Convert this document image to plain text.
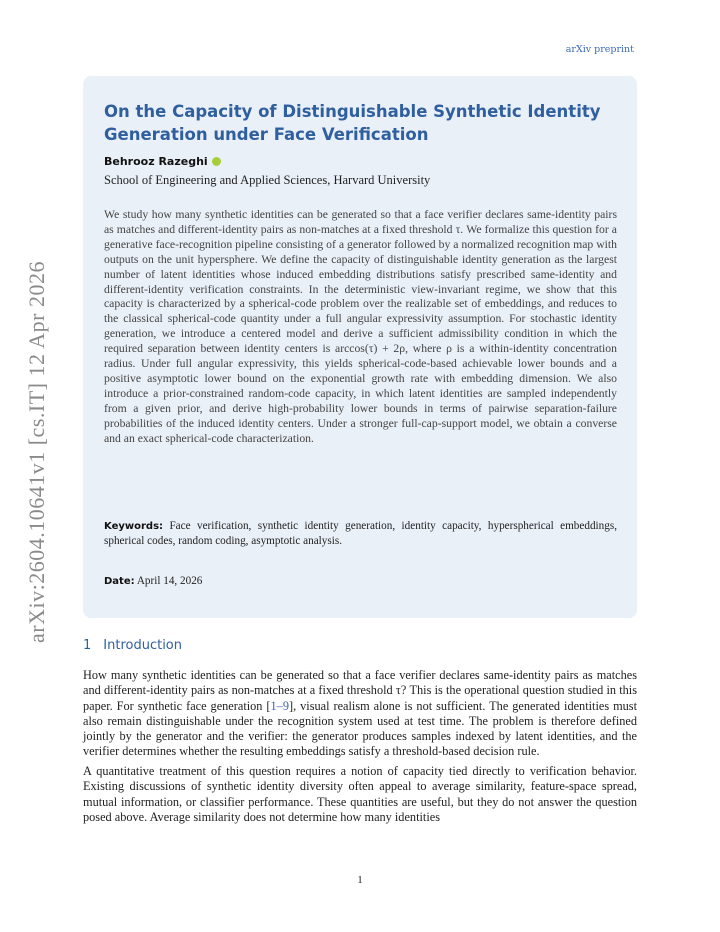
arXiv:2604.10641v1 [cs.IT] 12 Apr 2026
arXiv preprint
On the Capacity of Distinguishable Synthetic Identity Generation under Face Verification
Behrooz Razeghi
School of Engineering and Applied Sciences, Harvard University

We study how many synthetic identities can be generated so that a face verifier declares same-identity pairs as matches and different-identity pairs as non-matches at a fixed threshold τ. We formalize this question for a generative face-recognition pipeline consisting of a generator followed by a normalized recognition map with outputs on the unit hypersphere. We define the capacity of distinguishable identity generation as the largest number of latent identities whose induced embedding distributions satisfy prescribed same-identity and different-identity verification constraints. In the deterministic view-invariant regime, we show that this capacity is characterized by a spherical-code problem over the realizable set of embeddings, and reduces to the classical spherical-code quantity under a full angular expressivity assumption. For stochastic identity generation, we introduce a centered model and derive a sufficient admissibility condition in which the required separation between identity centers is arccos(τ) + 2ρ, where ρ is a within-identity concentration radius. Under full angular expressivity, this yields spherical-code-based achievable lower bounds and a positive asymptotic lower bound on the exponential growth rate with embedding dimension. We also introduce a prior-constrained random-code capacity, in which latent identities are sampled independently from a given prior, and derive high-probability lower bounds in terms of pairwise separation-failure probabilities of the induced identity centers. Under a stronger full-cap-support model, we obtain a converse and an exact spherical-code characterization.

Keywords: Face verification, synthetic identity generation, identity capacity, hyperspherical embeddings, spherical codes, random coding, asymptotic analysis.
Date: April 14, 2026
1 Introduction

How many synthetic identities can be generated so that a face verifier declares same-identity pairs as matches and different-identity pairs as non-matches at a fixed threshold τ? This is the operational question studied in this paper. For synthetic face generation [1–9], visual realism alone is not sufficient. The generated identities must also remain distinguishable under the recognition system used at test time. The problem is therefore defined jointly by the generator and the verifier: the generator produces samples indexed by latent identities, and the verifier determines whether the resulting embeddings satisfy a threshold-based decision rule.

A quantitative treatment of this question requires a notion of capacity tied directly to verification behavior. Existing discussions of synthetic identity diversity often appeal to average similarity, feature-space spread, mutual information, or classifier performance. These quantities are useful, but they do not answer the question posed above. Average similarity does not determine how many identities

1
